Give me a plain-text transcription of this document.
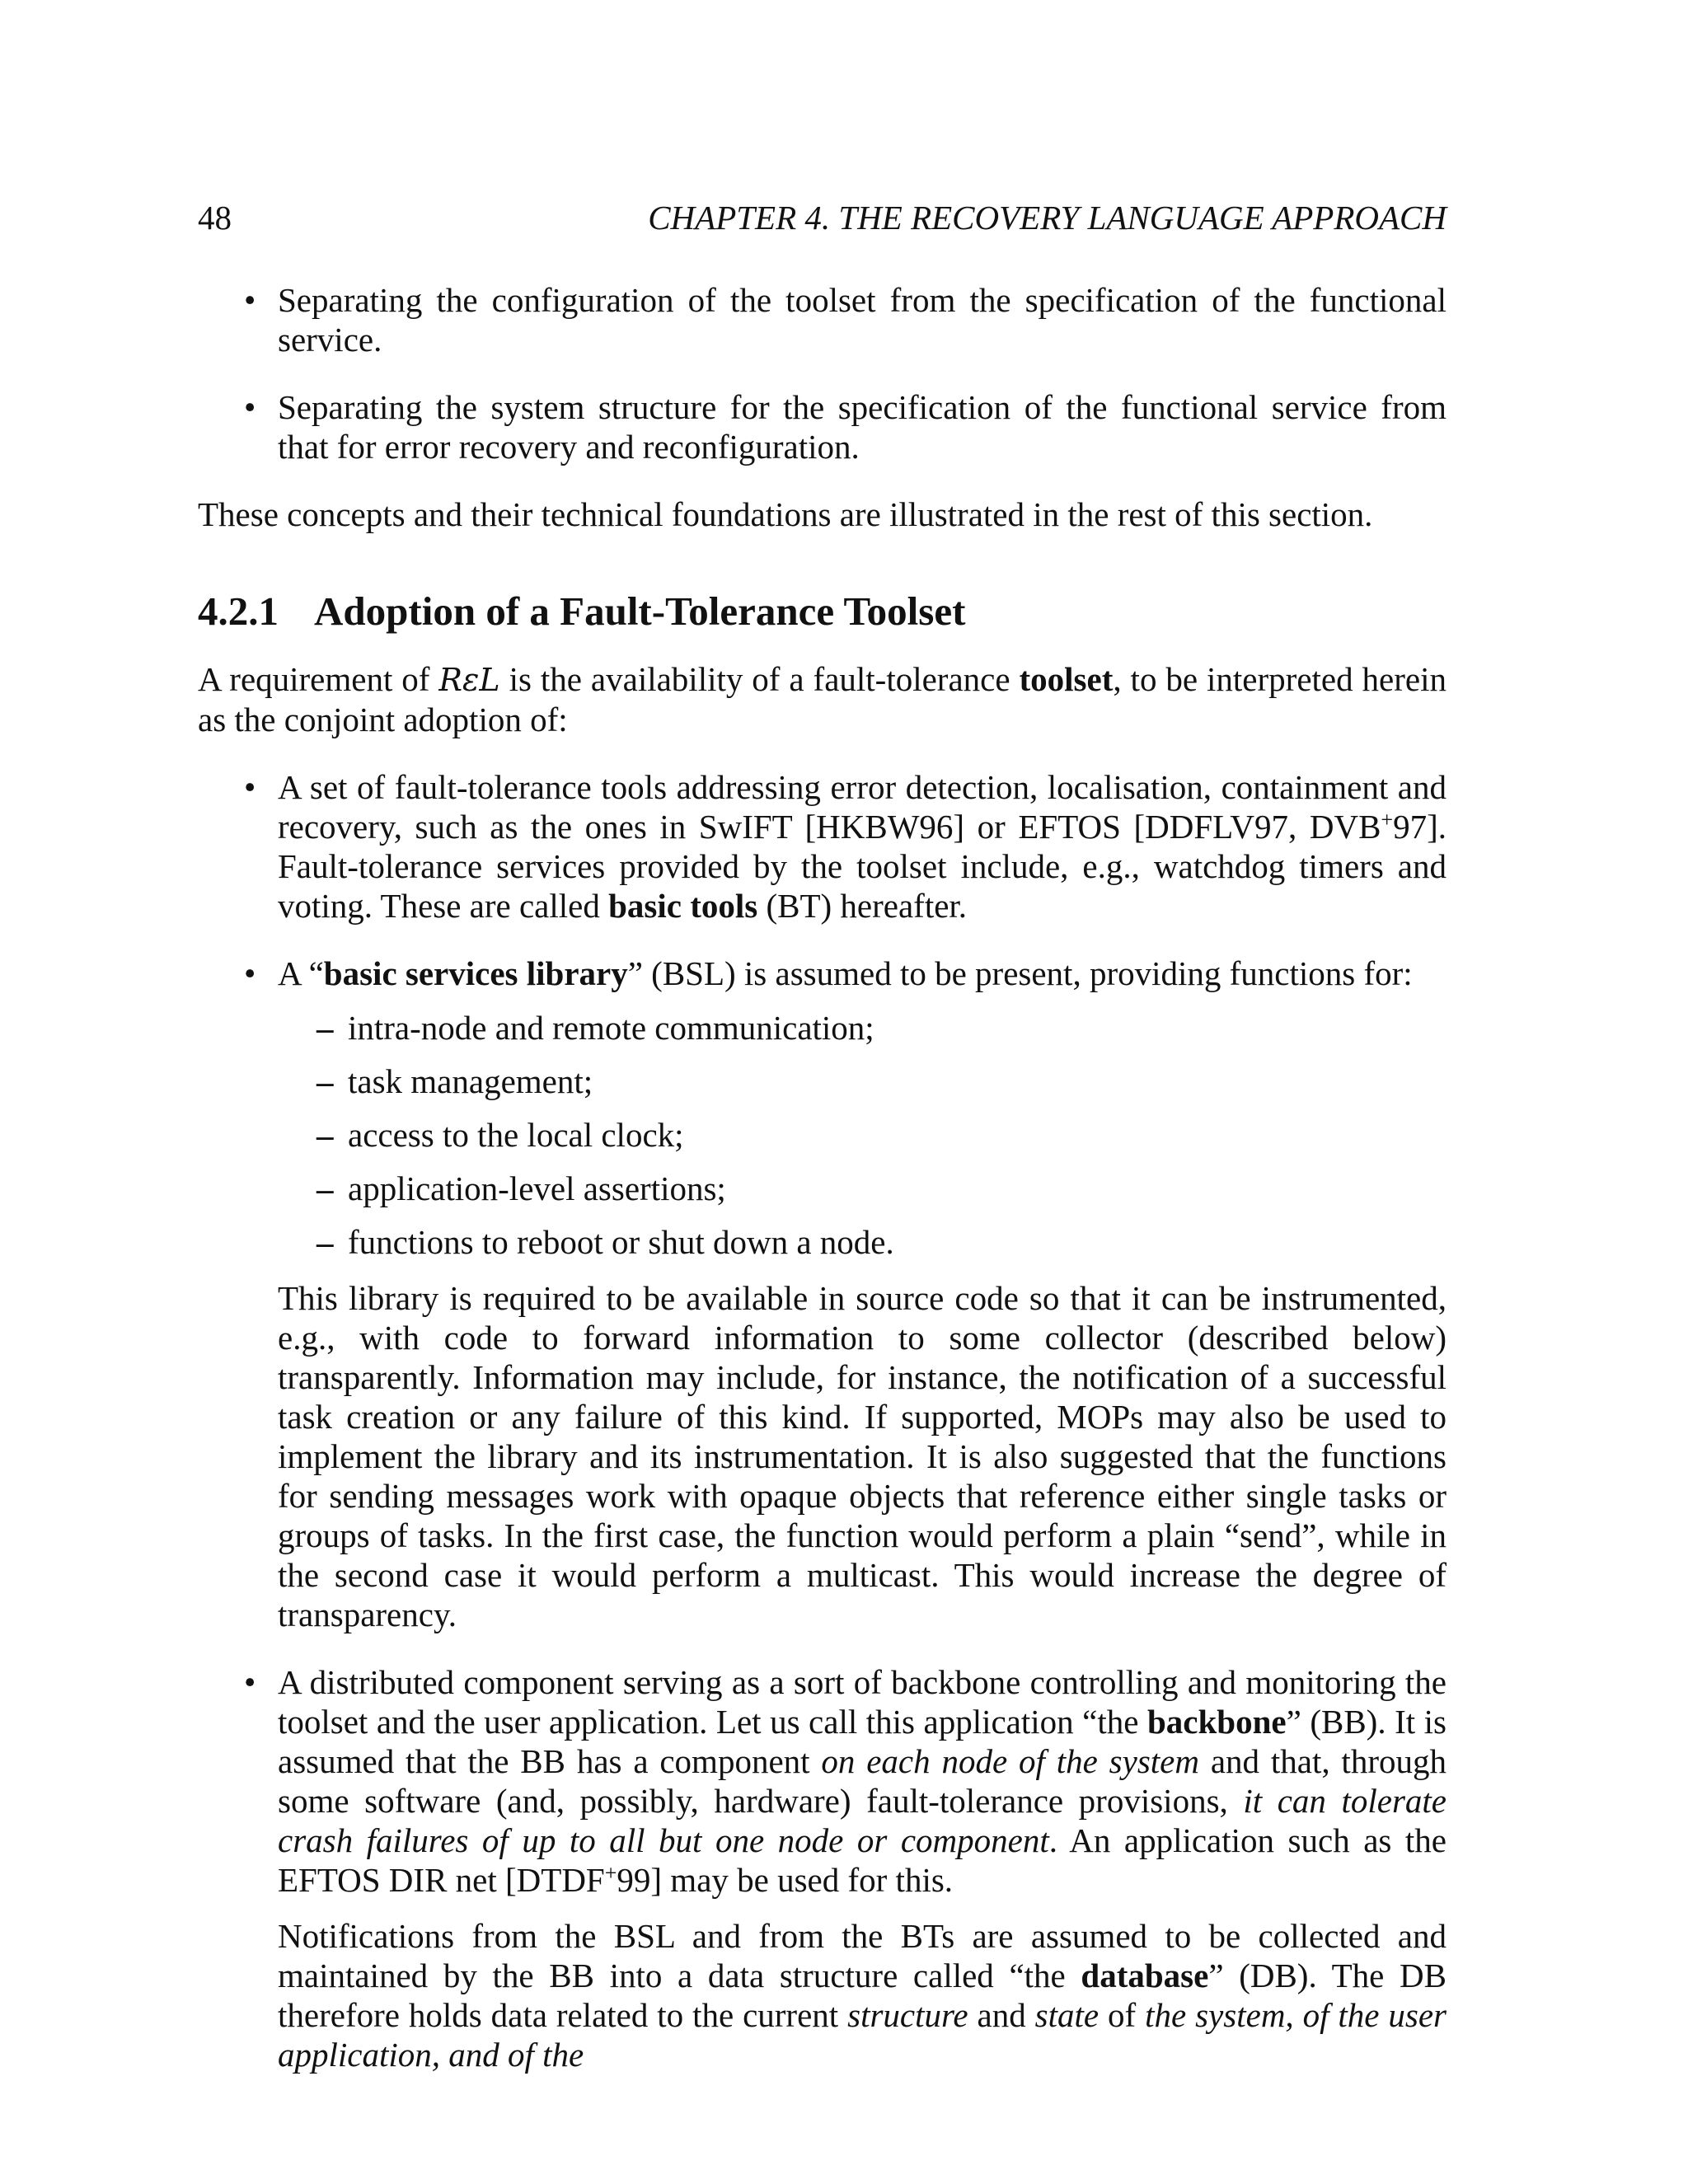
48	CHAPTER 4. THE RECOVERY LANGUAGE APPROACH
• Separating the configuration of the toolset from the specification of the functional service.
• Separating the system structure for the specification of the functional service from that for error recovery and reconfiguration.

These concepts and their technical foundations are illustrated in the rest of this section.

4.2.1 Adoption of a Fault-Tolerance Toolset

A requirement of RεL is the availability of a fault-tolerance toolset, to be interpreted herein as the conjoint adoption of:

• A set of fault-tolerance tools addressing error detection, localisation, containment and recovery, such as the ones in SwIFT [HKBW96] or EFTOS [DDFLV97, DVB+97]. Fault-tolerance services provided by the toolset include, e.g., watchdog timers and voting. These are called basic tools (BT) hereafter.
• A “basic services library” (BSL) is assumed to be present, providing functions for:
– intra-node and remote communication;
– task management;
– access to the local clock;
– application-level assertions;
– functions to reboot or shut down a node.

This library is required to be available in source code so that it can be instrumented, e.g., with code to forward information to some collector (described below) transparently. Information may include, for instance, the notification of a successful task creation or any failure of this kind. If supported, MOPs may also be used to implement the library and its instrumentation. It is also suggested that the functions for sending messages work with opaque objects that reference either single tasks or groups of tasks. In the first case, the function would perform a plain “send”, while in the second case it would perform a multicast. This would increase the degree of transparency.

• A distributed component serving as a sort of backbone controlling and monitoring the toolset and the user application. Let us call this application “the backbone” (BB). It is assumed that the BB has a component on each node of the system and that, through some software (and, possibly, hardware) fault-tolerance provisions, it can tolerate crash failures of up to all but one node or component. An application such as the EFTOS DIR net [DTDF+99] may be used for this.

Notifications from the BSL and from the BTs are assumed to be collected and maintained by the BB into a data structure called “the database” (DB). The DB therefore holds data related to the current structure and state of the system, of the user application, and of the
